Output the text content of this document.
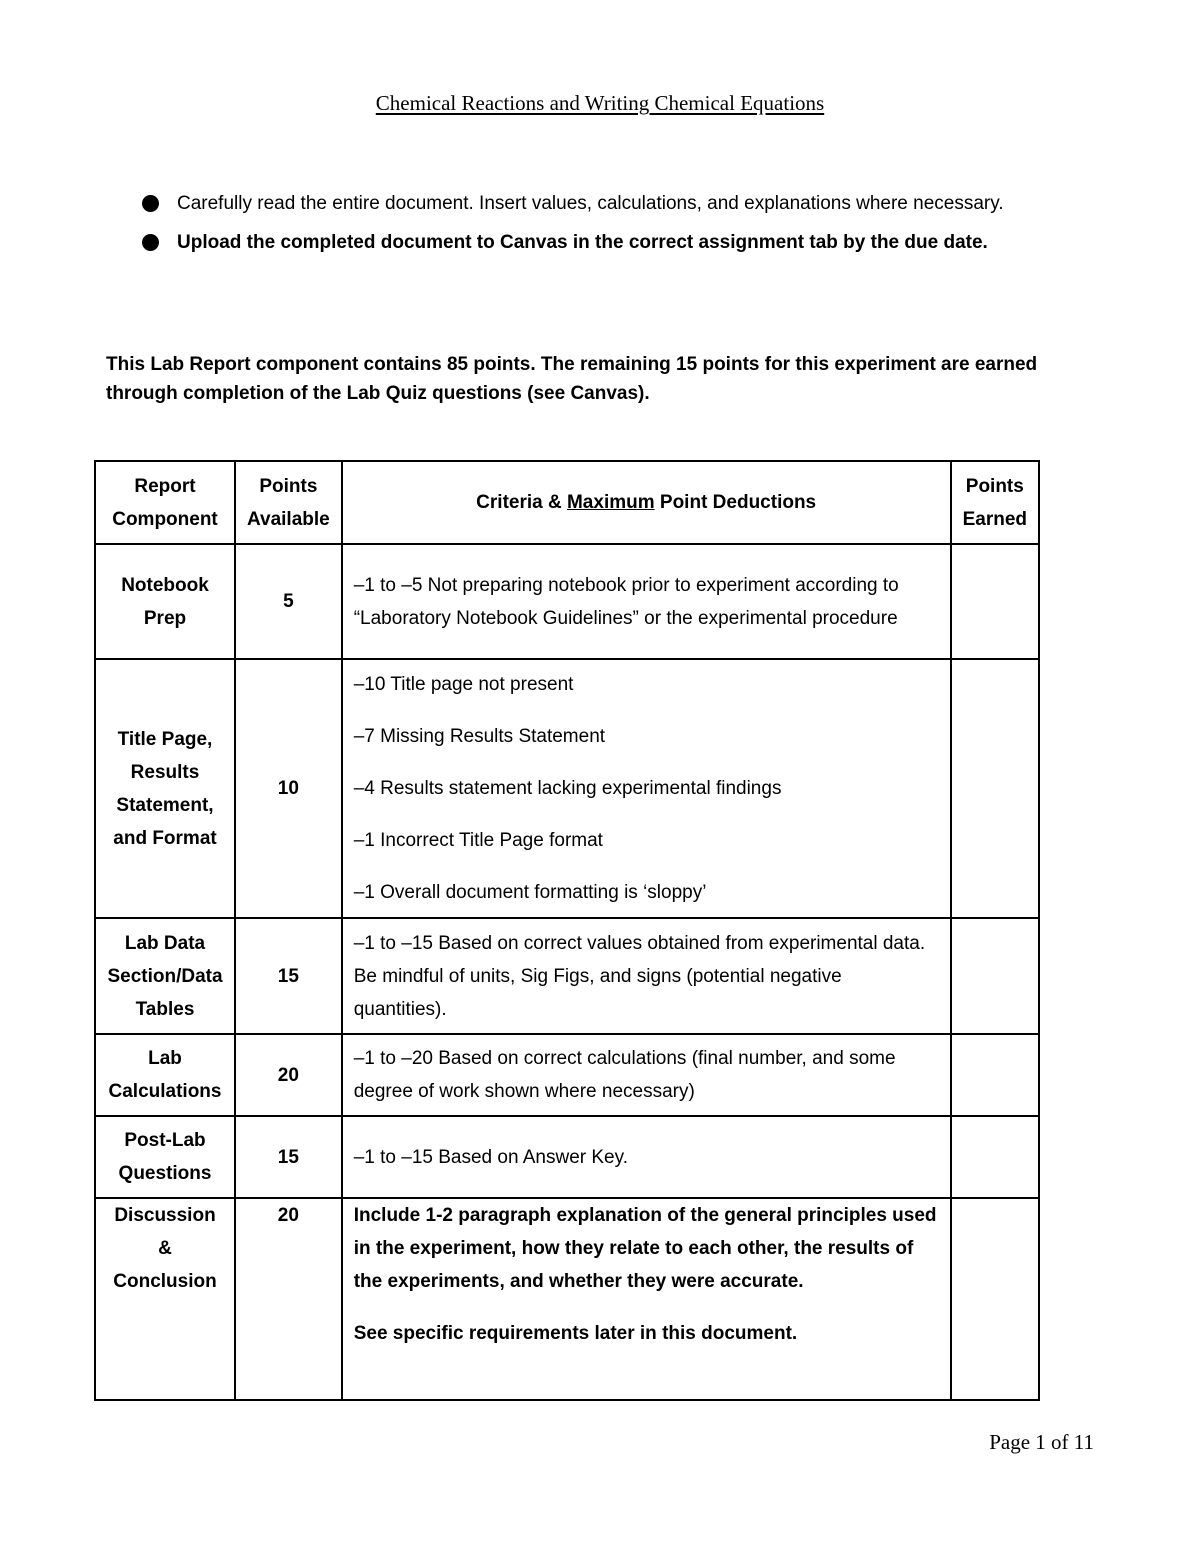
Chemical Reactions and Writing Chemical Equations
Carefully read the entire document. Insert values, calculations, and explanations where necessary.
Upload the completed document to Canvas in the correct assignment tab by the due date.

This Lab Report component contains 85 points. The remaining 15 points for this experiment are earned through completion of the Lab Quiz questions (see Canvas).

Report Component	Points Available	Criteria & Maximum Point Deductions	Points Earned
Notebook Prep	5	–1 to –5 Not preparing notebook prior to experiment according to “Laboratory Notebook Guidelines” or the experimental procedure	

Title Page, Results Statement, and Format	10	–10 Title page not present
–7 Missing Results Statement
–4 Results statement lacking experimental findings
–1 Incorrect Title Page format
–1 Overall document formatting is ‘sloppy’	

Lab Data Section/Data Tables	15	–1 to –15 Based on correct values obtained from experimental data. Be mindful of units, Sig Figs, and signs (potential negative quantities).	

Lab Calculations	20	–1 to –20 Based on correct calculations (final number, and some degree of work shown where necessary)	

Post-Lab Questions	15	–1 to –15 Based on Answer Key.	

Discussion & Conclusion	20	Include 1-2 paragraph explanation of the general principles used in the experiment, how they relate to each other, the results of the experiments, and whether they were accurate.
See specific requirements later in this document.	

Page 1 of 11
